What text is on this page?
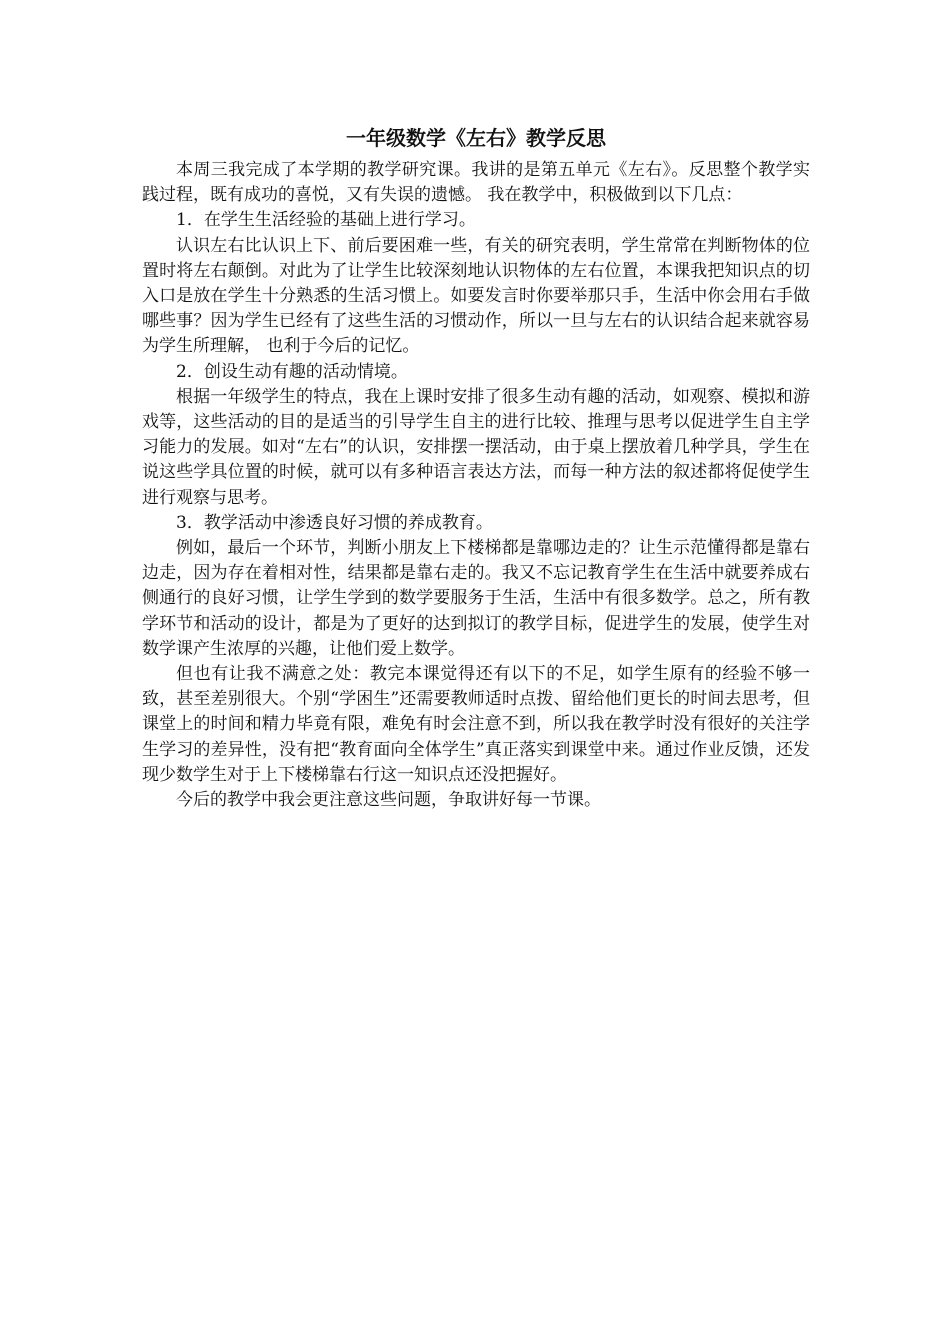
一年级数学《左右》教学反思

本周三我完成了本学期的教学研究课。我讲的是第五单元《左右》。反思整个教学实践过程，既有成功的喜悦，又有失误的遗憾。 我在教学中，积极做到以下几点：

1．在学生生活经验的基础上进行学习。

认识左右比认识上下、前后要困难一些，有关的研究表明，学生常常在判断物体的位置时将左右颠倒。对此为了让学生比较深刻地认识物体的左右位置，本课我把知识点的切入口是放在学生十分熟悉的生活习惯上。如要发言时你要举那只手，生活中你会用右手做哪些事？因为学生已经有了这些生活的习惯动作，所以一旦与左右的认识结合起来就容易为学生所理解， 也利于今后的记忆。

2．创设生动有趣的活动情境。

根据一年级学生的特点，我在上课时安排了很多生动有趣的活动，如观察、模拟和游戏等，这些活动的目的是适当的引导学生自主的进行比较、推理与思考以促进学生自主学习能力的发展。如对“左右”的认识，安排摆一摆活动，由于桌上摆放着几种学具，学生在说这些学具位置的时候，就可以有多种语言表达方法，而每一种方法的叙述都将促使学生进行观察与思考。

3．教学活动中渗透良好习惯的养成教育。

例如，最后一个环节，判断小朋友上下楼梯都是靠哪边走的？让生示范懂得都是靠右边走，因为存在着相对性，结果都是靠右走的。我又不忘记教育学生在生活中就要养成右侧通行的良好习惯，让学生学到的数学要服务于生活，生活中有很多数学。总之，所有教学环节和活动的设计，都是为了更好的达到拟订的教学目标，促进学生的发展，使学生对数学课产生浓厚的兴趣，让他们爱上数学。

但也有让我不满意之处：教完本课觉得还有以下的不足，如学生原有的经验不够一致，甚至差别很大。个别“学困生”还需要教师适时点拨、留给他们更长的时间去思考，但课堂上的时间和精力毕竟有限，难免有时会注意不到，所以我在教学时没有很好的关注学生学习的差异性，没有把“教育面向全体学生”真正落实到课堂中来。通过作业反馈，还发现少数学生对于上下楼梯靠右行这一知识点还没把握好。

今后的教学中我会更注意这些问题，争取讲好每一节课。
